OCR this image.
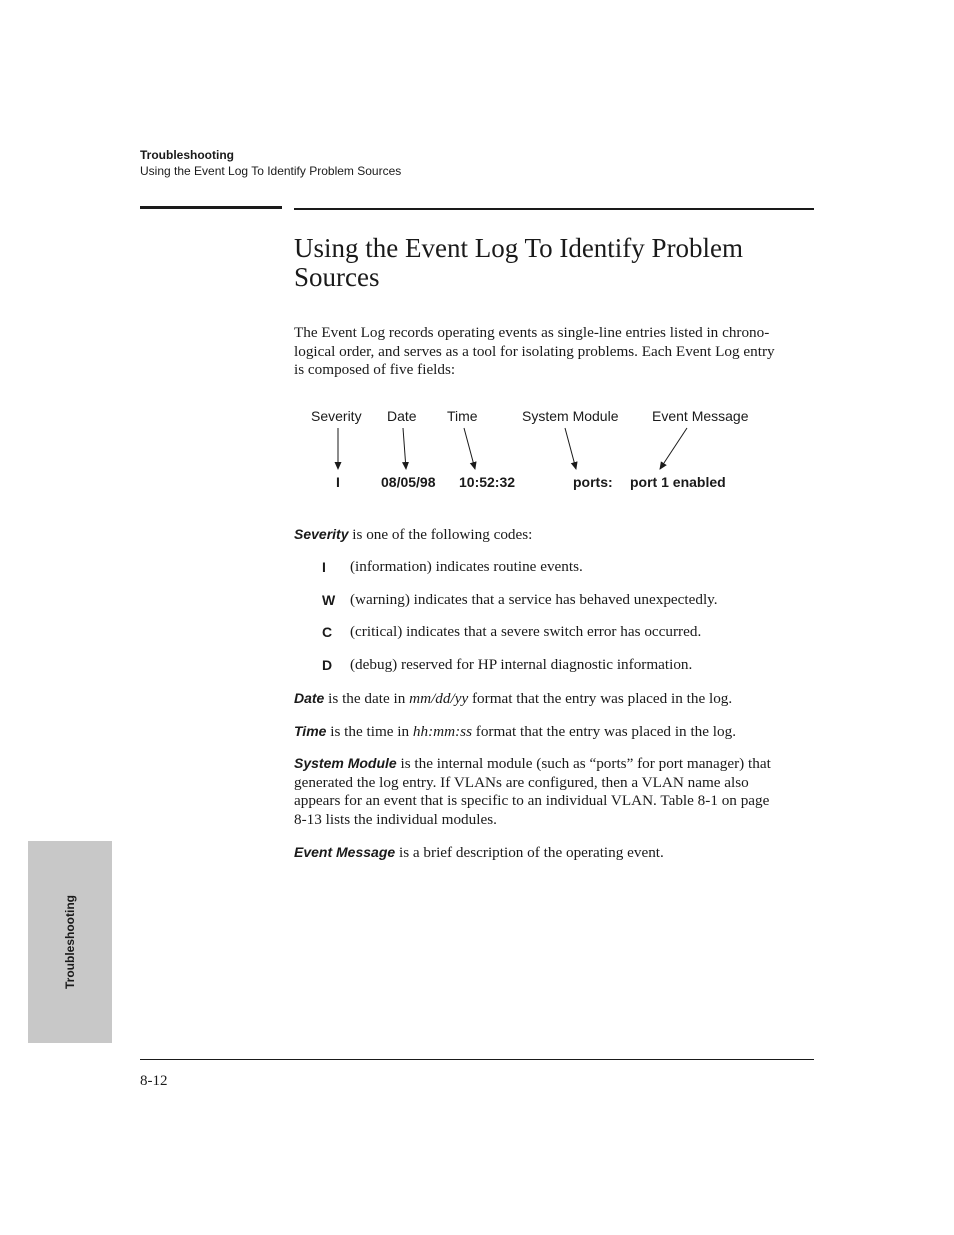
Troubleshooting
Using the Event Log To Identify Problem Sources
Using the Event Log To Identify Problem
Sources
The Event Log records operating events as single-line entries listed in chrono-
logical order, and serves as a tool for isolating problems. Each Event Log entry
is composed of five fields:
Severity Date Time	System Module Event Message
I	08/05/98 10:52:32	ports: port 1 enabled
Severity is one of the following codes:
I (information) indicates routine events.
W (warning) indicates that a service has behaved unexpectedly.
C (critical) indicates that a severe switch error has occurred.
D (debug) reserved for HP internal diagnostic information.
Date is the date in mm/dd/yy format that the entry was placed in the log.
Time is the time in hh:mm:ss format that the entry was placed in the log.
System Module is the internal module (such as “ports” for port manager) that
generated the log entry. If VLANs are configured, then a VLAN name also
appears for an event that is specific to an individual VLAN. Table 8-1 on page
8-13 lists the individual modules.
Event Message is a brief description of the operating event.
Troubleshooting
8-12
